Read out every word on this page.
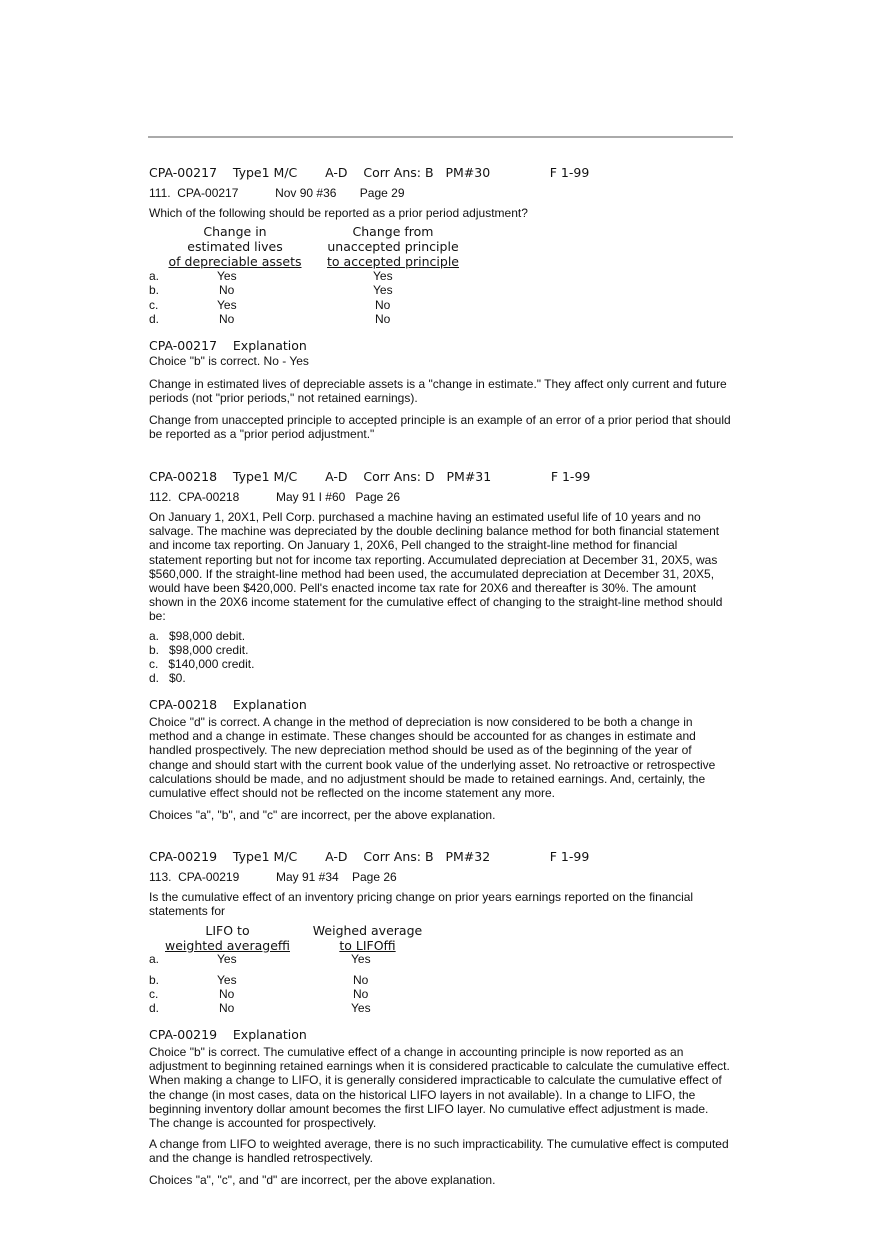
CPA-00217    Type1 M/C       A-D    Corr Ans: B   PM#30               F 1-99
111.  CPA-00217           Nov 90 #36       Page 29
Which of the following should be reported as a prior period adjustment?
Change in
estimated lives
of depreciable assets
Change from
unaccepted principle
to accepted principle
a.	Yes	Yes
b.	No	Yes
c.	Yes	No
d.	No	No
CPA-00217    Explanation
Choice "b" is correct. No - Yes
Change in estimated lives of depreciable assets is a "change in estimate." They affect only current and future periods (not "prior periods," not retained earnings).
Change from unaccepted principle to accepted principle is an example of an error of a prior period that should be reported as a "prior period adjustment."
CPA-00218    Type1 M/C       A-D    Corr Ans: D   PM#31               F 1-99
112.  CPA-00218           May 91 I #60   Page 26
On January 1, 20X1, Pell Corp. purchased a machine having an estimated useful life of 10 years and no salvage. The machine was depreciated by the double declining balance method for both financial statement and income tax reporting. On January 1, 20X6, Pell changed to the straight-line method for financial statement reporting but not for income tax reporting. Accumulated depreciation at December 31, 20X5, was $560,000. If the straight-line method had been used, the accumulated depreciation at December 31, 20X5, would have been $420,000. Pell's enacted income tax rate for 20X6 and thereafter is 30%. The amount shown in the 20X6 income statement for the cumulative effect of changing to the straight-line method should be:
a.   $98,000 debit.
b.   $98,000 credit.
c.   $140,000 credit.
d.   $0.
CPA-00218    Explanation
Choice "d" is correct. A change in the method of depreciation is now considered to be both a change in method and a change in estimate. These changes should be accounted for as changes in estimate and handled prospectively. The new depreciation method should be used as of the beginning of the year of change and should start with the current book value of the underlying asset. No retroactive or retrospective calculations should be made, and no adjustment should be made to retained earnings. And, certainly, the cumulative effect should not be reflected on the income statement any more.
Choices "a", "b", and "c" are incorrect, per the above explanation.
CPA-00219    Type1 M/C       A-D    Corr Ans: B   PM#32               F 1-99
113.  CPA-00219           May 91 #34    Page 26
Is the cumulative effect of an inventory pricing change on prior years earnings reported on the financial statements for
LIFO to
weighted averageffi
Weighed average
to LIFOffi
a.	Yes	Yes
b.	Yes	No
c.	No	No
d.	No	Yes
CPA-00219    Explanation
Choice "b" is correct. The cumulative effect of a change in accounting principle is now reported as an adjustment to beginning retained earnings when it is considered practicable to calculate the cumulative effect. When making a change to LIFO, it is generally considered impracticable to calculate the cumulative effect of the change (in most cases, data on the historical LIFO layers in not available). In a change to LIFO, the beginning inventory dollar amount becomes the first LIFO layer. No cumulative effect adjustment is made. The change is accounted for prospectively.
A change from LIFO to weighted average, there is no such impracticability. The cumulative effect is computed and the change is handled retrospectively.
Choices "a", "c", and "d" are incorrect, per the above explanation.
